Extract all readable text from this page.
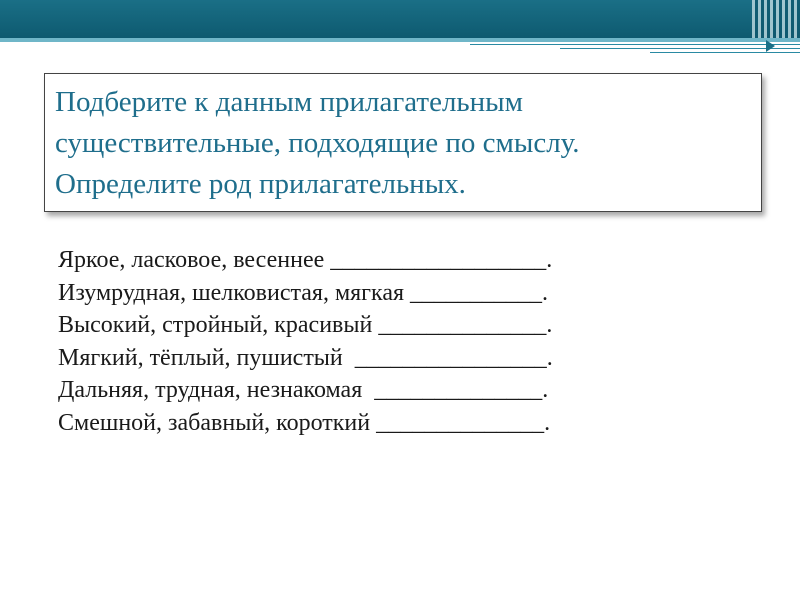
Подберите к данным прилагательным
существительные, подходящие по смыслу.
Определите род прилагательных.
Яркое, ласковое, весеннее __________________.
Изумрудная, шелковистая, мягкая ___________.
Высокий, стройный, красивый ______________.
Мягкий, тёплый, пушистый  ________________.
Дальняя, трудная, незнакомая  ______________.
Смешной, забавный, короткий ______________.
